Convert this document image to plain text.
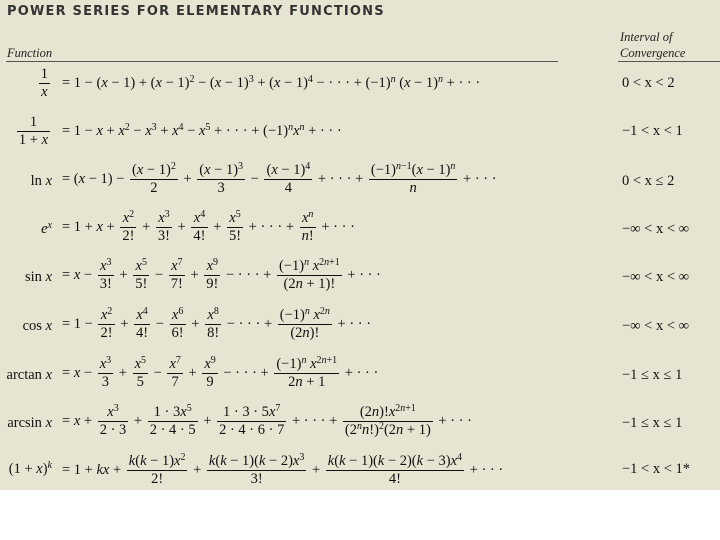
POWER SERIES FOR ELEMENTARY FUNCTIONS
Function
Interval of
Convergence
$\frac{1}{x} = 1 - (x - 1) + (x - 1)^2 - (x - 1)^3 + (x - 1)^4$ − · · · + $(-1)^n$ $(x - 1)^n$ + · · ·	0 < x < 2
$\frac{1}{1 + x} = 1 - x + x^2 - x^3 + x^4 - x^5$ + · · · + $(-1)^nx^n$ + · · ·	−1 < x < 1
$\ln x = (x - 1) - \frac{(x - 1)^2}{2} + \frac{(x - 1)^3}{3} - \frac{(x - 1)^4}{4}$ + · · · + $\frac{(-1)^{n-1}(x - 1)^n}{n}$ + · · ·	0 < x ≤ 2
$e^x = 1 + x + \frac{x^2}{2!} + \frac{x^3}{3!} + \frac{x^4}{4!} + \frac{x^5}{5!}$ + · · · + $\frac{x^n}{n!}$ + · · ·	−∞ < x < ∞
$\sin x = x - \frac{x^3}{3!} + \frac{x^5}{5!} - \frac{x^7}{7!} + \frac{x^9}{9!}$ − · · · + $\frac{(-1)^n x^{2n+1}}{(2n + 1)!}$ + · · ·	−∞ < x < ∞
$\cos x = 1 - \frac{x^2}{2!} + \frac{x^4}{4!} - \frac{x^6}{6!} + \frac{x^8}{8!}$ − · · · + $\frac{(-1)^n x^{2n}}{(2n)!}$ + · · ·	−∞ < x < ∞
$\arctan x = x - \frac{x^3}{3} + \frac{x^5}{5} - \frac{x^7}{7} + \frac{x^9}{9}$ − · · · + $\frac{(-1)^n x^{2n+1}}{2n + 1}$ + · · ·	−1 ≤ x ≤ 1
$\arcsin x = x + \frac{x^3}{2 \cdot 3} + \frac{1 \cdot 3x^5}{2 \cdot 4 \cdot 5} + \frac{1 \cdot 3 \cdot 5x^7}{2 \cdot 4 \cdot 6 \cdot 7}$ + · · · + $\frac{(2n)!x^{2n+1}}{(2^nn!)^2(2n + 1)}$ + · · ·	−1 ≤ x ≤ 1
$(1 + x)^k = 1$ + kx + $\frac{k(k - 1)x^2}{2!} + \frac{k(k - 1)(k - 2)x^3}{3!} + \frac{k(k - 1)(k - 2)(k - 3)x^4}{4!}$ + · · ·	−1 < x < 1*
